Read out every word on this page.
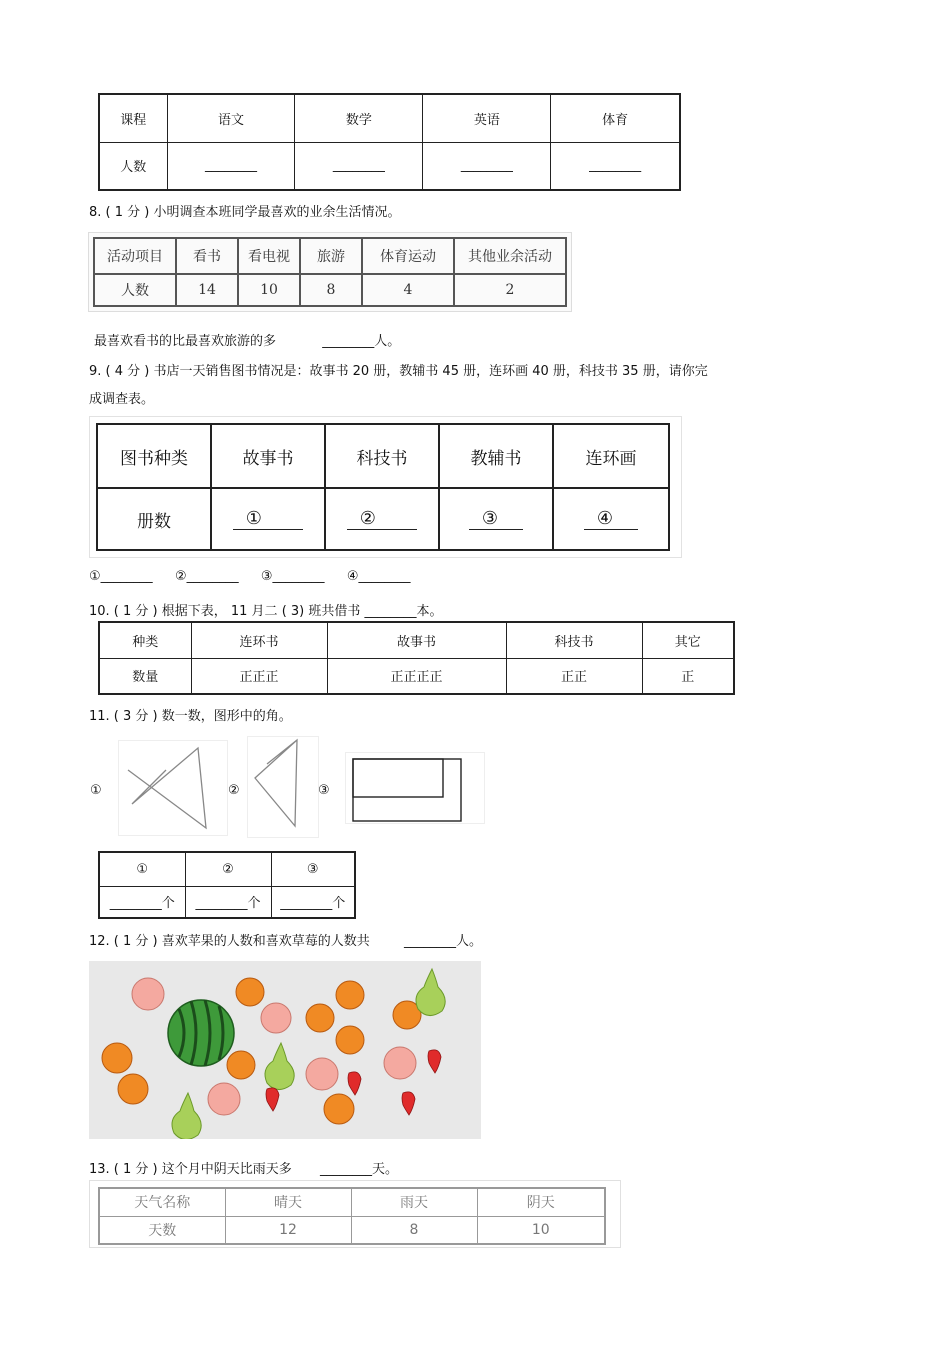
课程	语文	数学	英语	体育
人数	________	________	________	________
8. ( 1 分 ) 小明调查本班同学最喜欢的业余生活情况。
活动项目	看书	看电视	旅游	体育运动	其他业余活动
人数	14	10	8	4	2
最喜欢看书的比最喜欢旅游的多	________人。
9. ( 4 分 ) 书店一天销售图书情况是：故事书 20 册，教辅书 45 册，连环画 40 册，科技书 35 册，请你完
成调查表。
图书种类	故事书	科技书	教辅书	连环画
册数	①	②	③	④
①________ ②________ ③________ ④________
10. ( 1 分 ) 根据下表， 11 月二 ( 3) 班共借书 ________本。
种类	连环书	故事书	科技书	其它
数量	正正正	正正正正	正正	正
11. ( 3 分 ) 数一数，图形中的角。
①	②	③
①	②	③
________个	________个	________个
12. ( 1 分 ) 喜欢苹果的人数和喜欢草莓的人数共	________人。
13. ( 1 分 ) 这个月中阴天比雨天多 ________天。
天气名称	晴天	雨天	阴天
天数	12	8	10
